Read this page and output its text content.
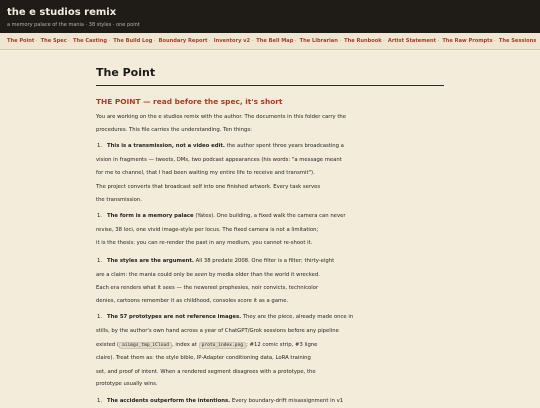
the e studios remix
a memory palace of the mania · 38 styles · one point
The Point · The Spec · The Casting · The Build Log · Boundary Report · Inventory v2 · The Bell Map · The Librarian · The Runbook · Artist Statement · The Raw Prompts · The Sessions
The Point
THE POINT — read before the spec, it's short

You are working on the e studios remix with the author. The documents in this folder carry the
procedures. This file carries the understanding. Ten things:

1. This is a transmission, not a video edit. the author spent three years broadcasting a
vision in fragments — tweets, DMs, two podcast appearances (his words: "a message meant
for me to channel, that I had been waiting my entire life to receive and transmit").
The project converts that broadcast self into one finished artwork. Every task serves
the transmission.
1. The form is a memory palace (Yates). One building, a fixed walk the camera can never
revise, 38 loci, one vivid image-style per locus. The fixed camera is not a limitation;
it is the thesis: you can re-render the past in any medium, you cannot re-shoot it.
1. The styles are the argument. All 38 predate 2008. One filter is a filter; thirty-eight
are a claim: the mania could only be seen by media older than the world it wrecked.
Each era renders what it sees — the newsreel prophesies, noir convicts, technicolor
denies, cartoons remember it as childhood, consoles score it as a game.
1. The 57 prototypes are not reference images. They are the piece, already made once in
stills, by the author's own hand across a year of ChatGPT/Grok sessions before any pipeline
existed ( aiimgs_tmp_iCloud , index at proto_index.png ; #12 comic strip, #3 ligne
claire). Treat them as: the style bible, IP-Adapter conditioning data, LoRA training
set, and proof of intent. When a rendered segment disagrees with a prototype, the
prototype usually wins.
1. The accidents outperform the intentions. Every boundary-drift misassignment in v1
